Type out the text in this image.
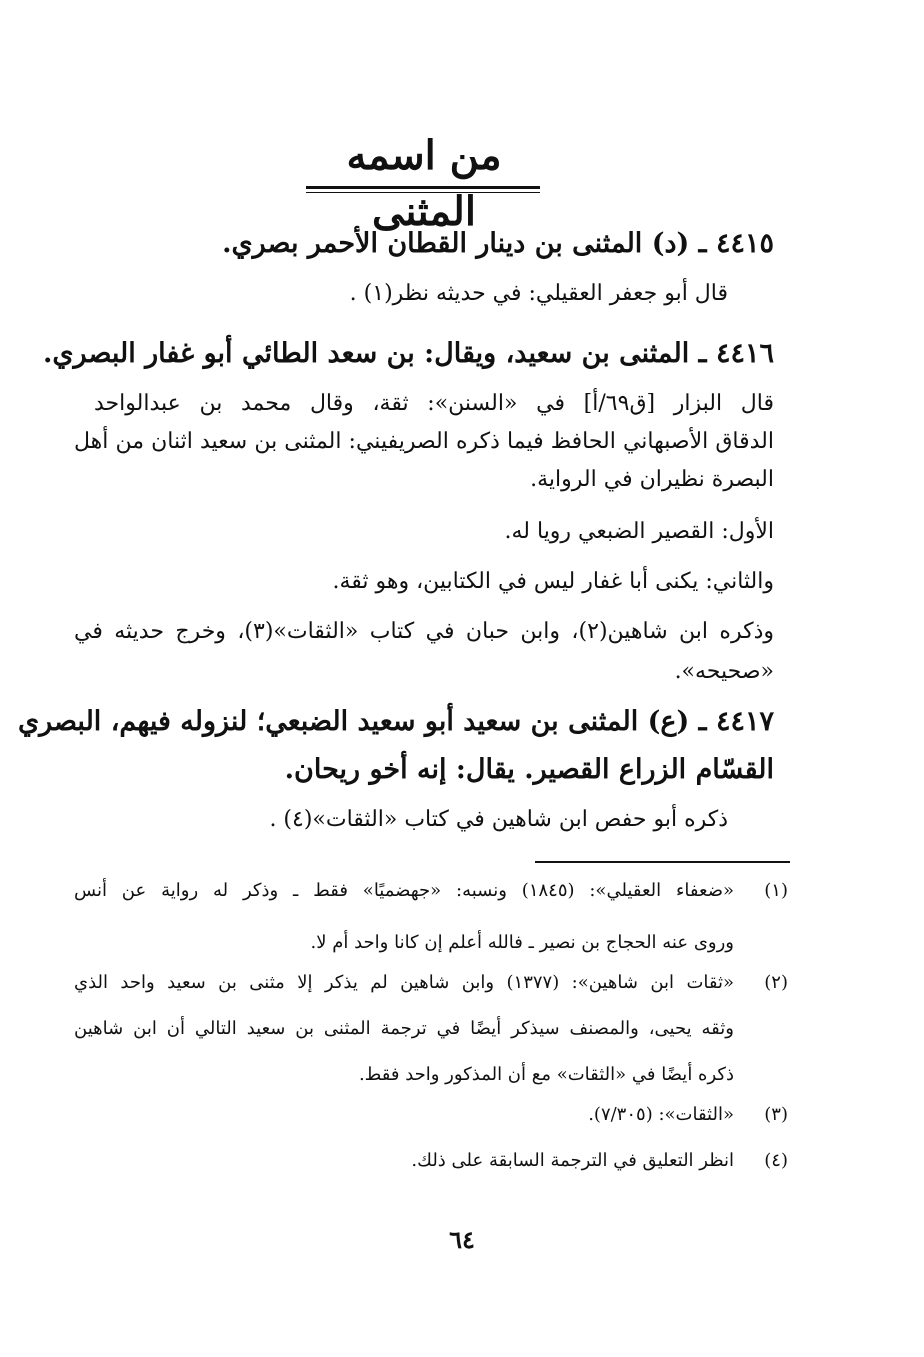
من اسمه المثنى
٤٤١٥ ـ (د) المثنى بن دينار القطان الأحمر بصري.
قال أبو جعفر العقيلي: في حديثه نظر(١) .
٤٤١٦ ـ المثنى بن سعيد، ويقال: بن سعد الطائي أبو غفار البصري.
قال البزار [ق٦٩/أ] في «السنن»: ثقة، وقال محمد بن عبدالواحد
الدقاق الأصبهاني الحافظ فيما ذكره الصريفيني: المثنى بن سعيد اثنان من أهل
البصرة نظيران في الرواية.
الأول: القصير الضبعي رويا له.
والثاني: يكنى أبا غفار ليس في الكتابين، وهو ثقة.
وذكره ابن شاهين(٢)، وابن حبان في كتاب «الثقات»(٣)، وخرج حديثه في
«صحيحه».
٤٤١٧ ـ (ع) المثنى بن سعيد أبو سعيد الضبعي؛ لنزوله فيهم، البصري
القسّام الزراع القصير. يقال: إنه أخو ريحان.
ذكره أبو حفص ابن شاهين في كتاب «الثقات»(٤) .
(١)
«ضعفاء العقيلي»: (١٨٤٥) ونسبه: «جهضميًا» فقط ـ وذكر له رواية عن أنس
وروى عنه الحجاج بن نصير ـ فالله أعلم إن كانا واحد أم لا.
(٢)
«ثقات ابن شاهين»: (١٣٧٧) وابن شاهين لم يذكر إلا مثنى بن سعيد واحد الذي
وثقه يحيى، والمصنف سيذكر أيضًا في ترجمة المثنى بن سعيد التالي أن ابن شاهين
ذكره أيضًا في «الثقات» مع أن المذكور واحد فقط.
(٣)
«الثقات»: (٧/٣٠٥).
(٤)
انظر التعليق في الترجمة السابقة على ذلك.
٦٤
